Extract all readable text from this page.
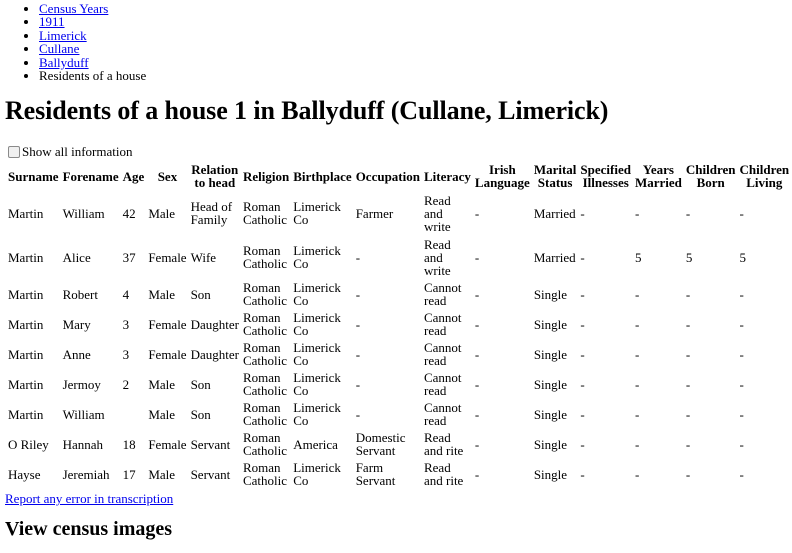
• Census Years
• 1911
• Limerick
• Cullane
• Ballyduff
• Residents of a house
Residents of a house 1 in Ballyduff (Cullane, Limerick)
Show all information
Surname	Forename	Age	Sex	Relation to head	Religion	Birthplace	Occupation	Literacy	Irish Language	Marital Status	Specified Illnesses	Years Married	Children Born	Children Living
Martin	William	42	Male	Head of Family	Roman Catholic	Limerick Co	Farmer	Read and write	-	Married	-	-	-	-
Martin	Alice	37	Female	Wife	Roman Catholic	Limerick Co	-	Read and write	-	Married	-	5	5	5
Martin	Robert	4	Male	Son	Roman Catholic	Limerick Co	-	Cannot read	-	Single	-	-	-	-
Martin	Mary	3	Female	Daughter	Roman Catholic	Limerick Co	-	Cannot read	-	Single	-	-	-	-
Martin	Anne	3	Female	Daughter	Roman Catholic	Limerick Co	-	Cannot read	-	Single	-	-	-	-
Martin	Jermoy	2	Male	Son	Roman Catholic	Limerick Co	-	Cannot read	-	Single	-	-	-	-
Martin	William		Male	Son	Roman Catholic	Limerick Co	-	Cannot read	-	Single	-	-	-	-
O Riley	Hannah	18	Female	Servant	Roman Catholic	America	Domestic Servant	Read and rite	-	Single	-	-	-	-
Hayse	Jeremiah	17	Male	Servant	Roman Catholic	Limerick Co	Farm Servant	Read and rite	-	Single	-	-	-	-
Report any error in transcription
View census images
